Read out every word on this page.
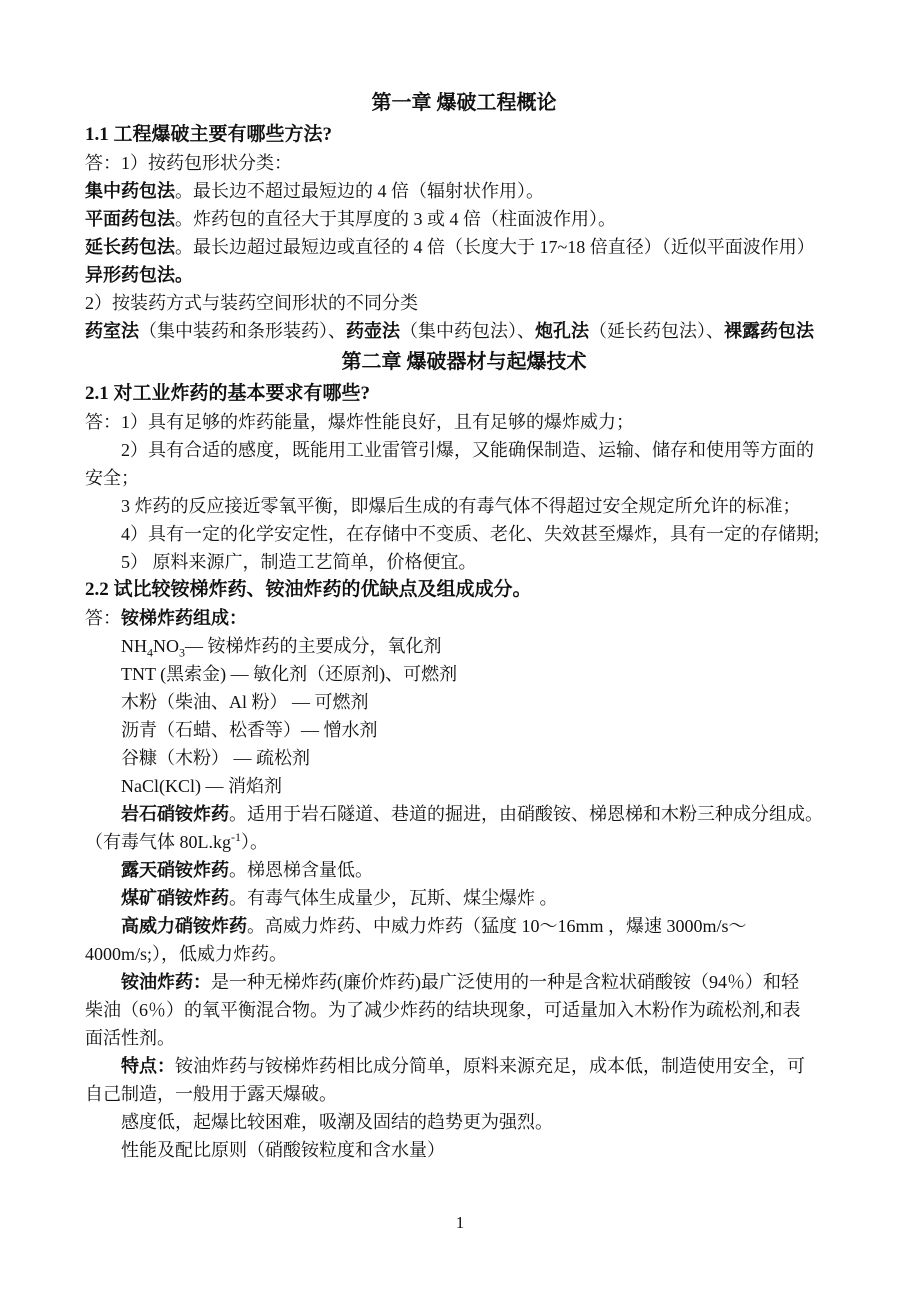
第一章 爆破工程概论
1.1 工程爆破主要有哪些方法?
答：1）按药包形状分类：
集中药包法。最长边不超过最短边的 4 倍（辐射状作用）。
平面药包法。炸药包的直径大于其厚度的 3 或 4 倍（柱面波作用）。
延长药包法。最长边超过最短边或直径的 4 倍（长度大于 17~18 倍直径）（近似平面波作用）
异形药包法。
2）按装药方式与装药空间形状的不同分类
药室法（集中装药和条形装药）、药壶法（集中药包法）、炮孔法（延长药包法）、裸露药包法
第二章 爆破器材与起爆技术
2.1 对工业炸药的基本要求有哪些?
答：1）具有足够的炸药能量，爆炸性能良好，且有足够的爆炸威力；
2）具有合适的感度，既能用工业雷管引爆，又能确保制造、运输、储存和使用等方面的
安全；
3 炸药的反应接近零氧平衡，即爆后生成的有毒气体不得超过安全规定所允许的标准；
4）具有一定的化学安定性，在存储中不变质、老化、失效甚至爆炸，具有一定的存储期;
5） 原料来源广，制造工艺简单，价格便宜。
2.2 试比较铵梯炸药、铵油炸药的优缺点及组成成分。
答：铵梯炸药组成：
$NH_4NO_3—$ 铵梯炸药的主要成分，氧化剂
TNT (黑索金) — 敏化剂（还原剂)、可燃剂
木粉（柴油、Al 粉） — 可燃剂
沥青（石蜡、松香等）— 憎水剂
谷糠（木粉） — 疏松剂
NaCl(KCl) — 消焰剂
岩石硝铵炸药。适用于岩石隧道、巷道的掘进，由硝酸铵、梯恩梯和木粉三种成分组成。
（有毒气体 $80L.kg^{-1}$）。
露天硝铵炸药。梯恩梯含量低。
煤矿硝铵炸药。有毒气体生成量少，瓦斯、煤尘爆炸 。
高威力硝铵炸药。高威力炸药、中威力炸药（猛度 10～16mm ，爆速 3000m/s～
4000m/s;），低威力炸药。
铵油炸药：是一种无梯炸药(廉价炸药)最广泛使用的一种是含粒状硝酸铵（94％）和轻
柴油（6％）的氧平衡混合物。为了减少炸药的结块现象，可适量加入木粉作为疏松剂,和表
面活性剂。
特点：铵油炸药与铵梯炸药相比成分简单，原料来源充足，成本低，制造使用安全，可
自己制造，一般用于露天爆破。
感度低，起爆比较困难，吸潮及固结的趋势更为强烈。
性能及配比原则（硝酸铵粒度和含水量）
1
